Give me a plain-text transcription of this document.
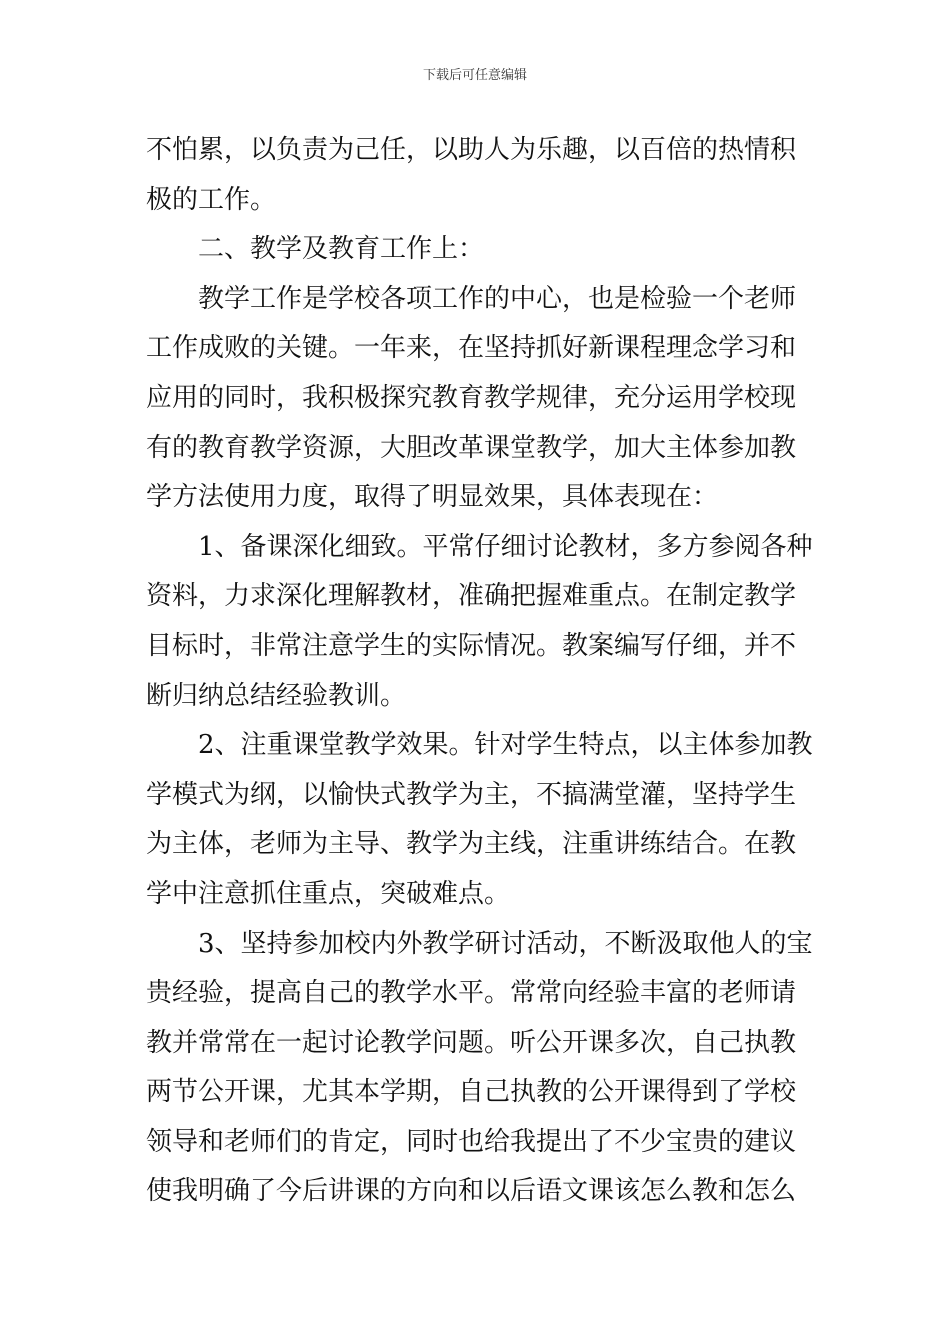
下载后可任意编辑
不怕累，以负责为己任，以助人为乐趣，以百倍的热情积
极的工作。
二、教学及教育工作上：
教学工作是学校各项工作的中心，也是检验一个老师
工作成败的关键。一年来，在坚持抓好新课程理念学习和
应用的同时，我积极探究教育教学规律，充分运用学校现
有的教育教学资源，大胆改革课堂教学，加大主体参加教
学方法使用力度，取得了明显效果，具体表现在：
1、备课深化细致。平常仔细讨论教材，多方参阅各种
资料，力求深化理解教材，准确把握难重点。在制定教学
目标时，非常注意学生的实际情况。教案编写仔细，并不
断归纳总结经验教训。
2、注重课堂教学效果。针对学生特点，以主体参加教
学模式为纲，以愉快式教学为主，不搞满堂灌，坚持学生
为主体，老师为主导、教学为主线，注重讲练结合。在教
学中注意抓住重点，突破难点。
3、坚持参加校内外教学研讨活动，不断汲取他人的宝
贵经验，提高自己的教学水平。常常向经验丰富的老师请
教并常常在一起讨论教学问题。听公开课多次，自己执教
两节公开课，尤其本学期，自己执教的公开课得到了学校
领导和老师们的肯定，同时也给我提出了不少宝贵的建议
使我明确了今后讲课的方向和以后语文课该怎么教和怎么
